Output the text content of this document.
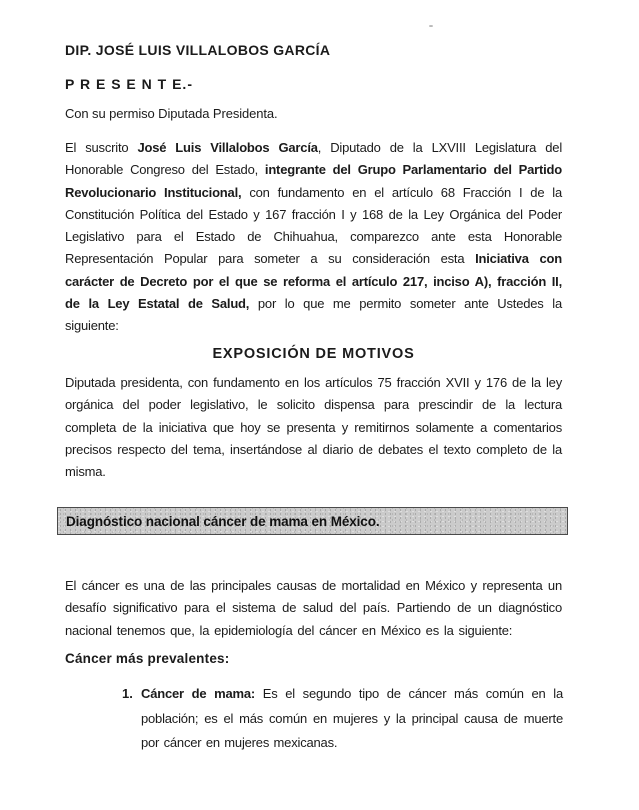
DIP. JOSÉ LUIS VILLALOBOS GARCÍA
P R E S E N T E.-
Con su permiso Diputada Presidenta.
El suscrito José Luis Villalobos García, Diputado de la LXVIII Legislatura del Honorable Congreso del Estado, integrante del Grupo Parlamentario del Partido Revolucionario Institucional, con fundamento en el artículo 68 Fracción I de la Constitución Política del Estado y 167 fracción I y 168 de la Ley Orgánica del Poder Legislativo para el Estado de Chihuahua, comparezco ante esta Honorable Representación Popular para someter a su consideración esta Iniciativa con carácter de Decreto por el que se reforma el artículo 217, inciso A), fracción II, de la Ley Estatal de Salud, por lo que me permito someter ante Ustedes la siguiente:
EXPOSICIÓN DE MOTIVOS
Diputada presidenta, con fundamento en los artículos 75 fracción XVII y 176 de la ley orgánica del poder legislativo, le solicito dispensa para prescindir de la lectura completa de la iniciativa que hoy se presenta y remitirnos solamente a comentarios precisos respecto del tema, insertándose al diario de debates el texto completo de la misma.
Diagnóstico nacional cáncer de mama en México.
El cáncer es una de las principales causas de mortalidad en México y representa un desafío significativo para el sistema de salud del país. Partiendo de un diagnóstico nacional tenemos que, la epidemiología del cáncer en México es la siguiente:
Cáncer más prevalentes:
1. Cáncer de mama: Es el segundo tipo de cáncer más común en la población; es el más común en mujeres y la principal causa de muerte por cáncer en mujeres mexicanas.
